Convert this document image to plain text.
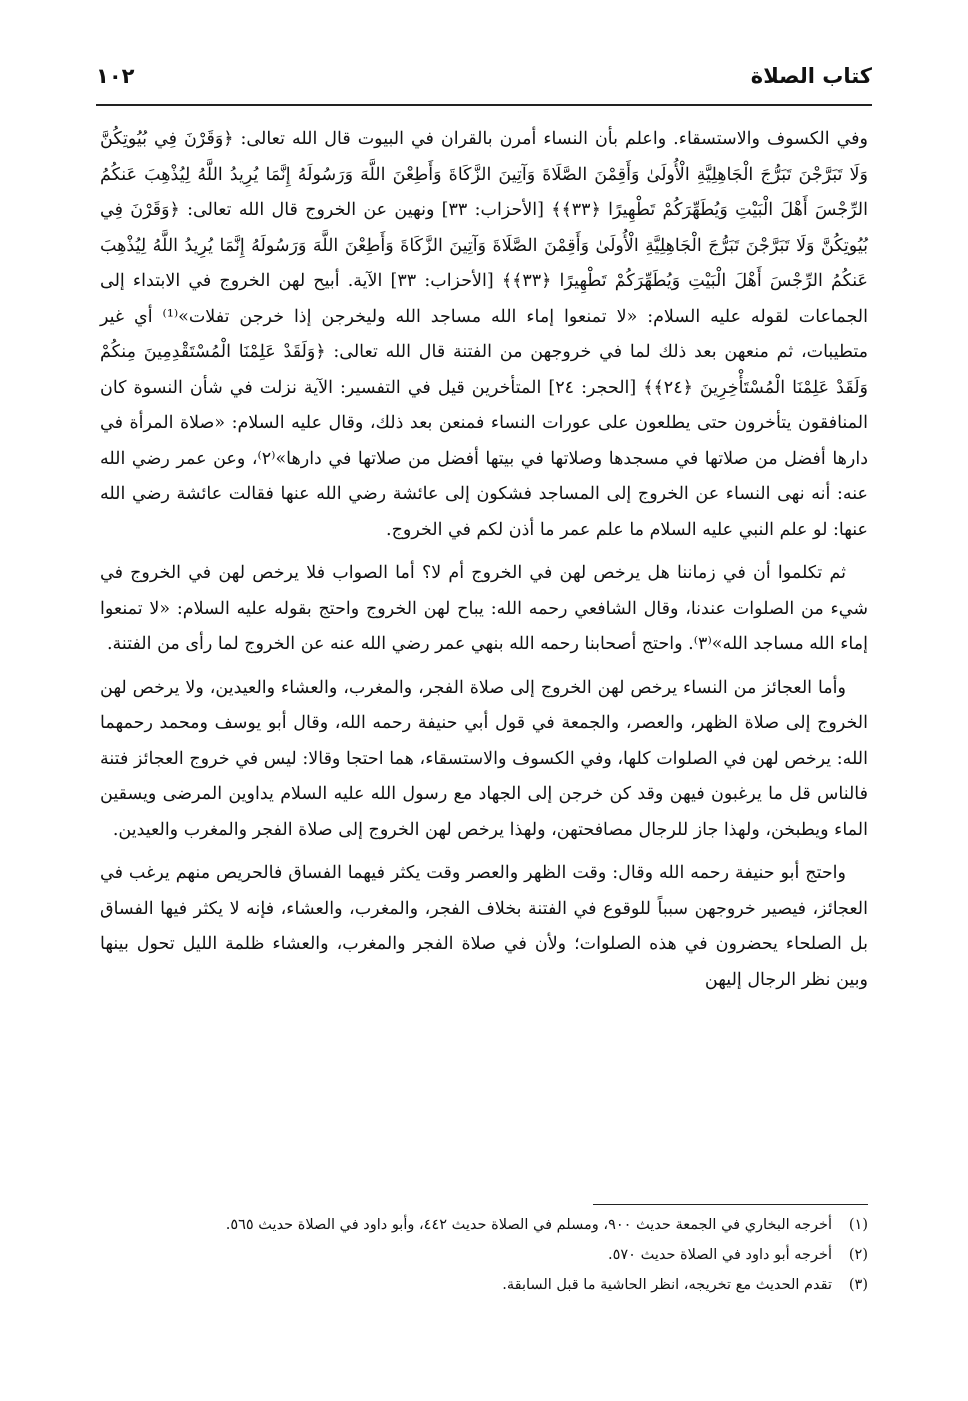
كتاب الصلاة
١٠٢

وفي الكسوف والاستسقاء. واعلم بأن النساء أمرن بالقران في البيوت قال الله تعالى: ﴿وَقَرْنَ فِي بُيُوتِكُنَّ وَلَا تَبَرَّجْنَ تَبَرُّجَ الْجَاهِلِيَّةِ الْأُولَىٰ وَأَقِمْنَ الصَّلَاةَ وَآتِينَ الزَّكَاةَ وَأَطِعْنَ اللَّهَ وَرَسُولَهُ إِنَّمَا يُرِيدُ اللَّهُ لِيُذْهِبَ عَنكُمُ الرِّجْسَ أَهْلَ الْبَيْتِ وَيُطَهِّرَكُمْ تَطْهِيرًا ﴿٣٣﴾﴾ [الأحزاب: ٣٣] ونهين عن الخروج قال الله تعالى: ﴿وَقَرْنَ فِي بُيُوتِكُنَّ وَلَا تَبَرَّجْنَ تَبَرُّجَ الْجَاهِلِيَّةِ الْأُولَىٰ وَأَقِمْنَ الصَّلَاةَ وَآتِينَ الزَّكَاةَ وَأَطِعْنَ اللَّهَ وَرَسُولَهُ إِنَّمَا يُرِيدُ اللَّهُ لِيُذْهِبَ عَنكُمُ الرِّجْسَ أَهْلَ الْبَيْتِ وَيُطَهِّرَكُمْ تَطْهِيرًا ﴿٣٣﴾﴾ [الأحزاب: ٣٣] الآية. أبيح لهن الخروج في الابتداء إلى الجماعات لقوله عليه السلام: «لا تمنعوا إماء الله مساجد الله وليخرجن إذا خرجن تفلات»⁽¹⁾ أي غير متطيبات، ثم منعهن بعد ذلك لما في خروجهن من الفتنة قال الله تعالى: ﴿وَلَقَدْ عَلِمْنَا الْمُسْتَقْدِمِينَ مِنكُمْ وَلَقَدْ عَلِمْنَا الْمُسْتَأْخِرِينَ ﴿٢٤﴾﴾ [الحجر: ٢٤] المتأخرين قيل في التفسير: الآية نزلت في شأن النسوة كان المنافقون يتأخرون حتى يطلعون على عورات النساء فمنعن بعد ذلك، وقال عليه السلام: «صلاة المرأة في دارها أفضل من صلاتها في مسجدها وصلاتها في بيتها أفضل من صلاتها في دارها»⁽٢⁾، وعن عمر رضي الله عنه: أنه نهى النساء عن الخروج إلى المساجد فشكون إلى عائشة رضي الله عنها فقالت عائشة رضي الله عنها: لو علم النبي عليه السلام ما علم عمر ما أذن لكم في الخروج.

ثم تكلموا أن في زماننا هل يرخص لهن في الخروج أم لا؟ أما الصواب فلا يرخص لهن في الخروج في شيء من الصلوات عندنا، وقال الشافعي رحمه الله: يباح لهن الخروج واحتج بقوله عليه السلام: «لا تمنعوا إماء الله مساجد الله»⁽٣⁾. واحتج أصحابنا رحمه الله بنهي عمر رضي الله عنه عن الخروج لما رأى من الفتنة.

وأما العجائز من النساء يرخص لهن الخروج إلى صلاة الفجر، والمغرب، والعشاء والعيدين، ولا يرخص لهن الخروج إلى صلاة الظهر، والعصر، والجمعة في قول أبي حنيفة رحمه الله، وقال أبو يوسف ومحمد رحمهما الله: يرخص لهن في الصلوات كلها، وفي الكسوف والاستسقاء، هما احتجا وقالا: ليس في خروج العجائز فتنة فالناس قل ما يرغبون فيهن وقد كن خرجن إلى الجهاد مع رسول الله عليه السلام يداوين المرضى ويسقين الماء ويطبخن، ولهذا جاز للرجال مصافحتهن، ولهذا يرخص لهن الخروج إلى صلاة الفجر والمغرب والعيدين.

واحتج أبو حنيفة رحمه الله وقال: وقت الظهر والعصر وقت يكثر فيهما الفساق فالحريص منهم يرغب في العجائز، فيصير خروجهن سبباً للوقوع في الفتنة بخلاف الفجر، والمغرب، والعشاء، فإنه لا يكثر فيها الفساق بل الصلحاء يحضرون في هذه الصلوات؛ ولأن في صلاة الفجر والمغرب، والعشاء ظلمة الليل تحول بينها وبين نظر الرجال إليهن

(١)
أخرجه البخاري في الجمعة حديث ٩٠٠، ومسلم في الصلاة حديث ٤٤٢، وأبو داود في الصلاة حديث ٥٦٥.
(٢)
أخرجه أبو داود في الصلاة حديث ٥٧٠.
(٣)
تقدم الحديث مع تخريجه، انظر الحاشية ما قبل السابقة.
